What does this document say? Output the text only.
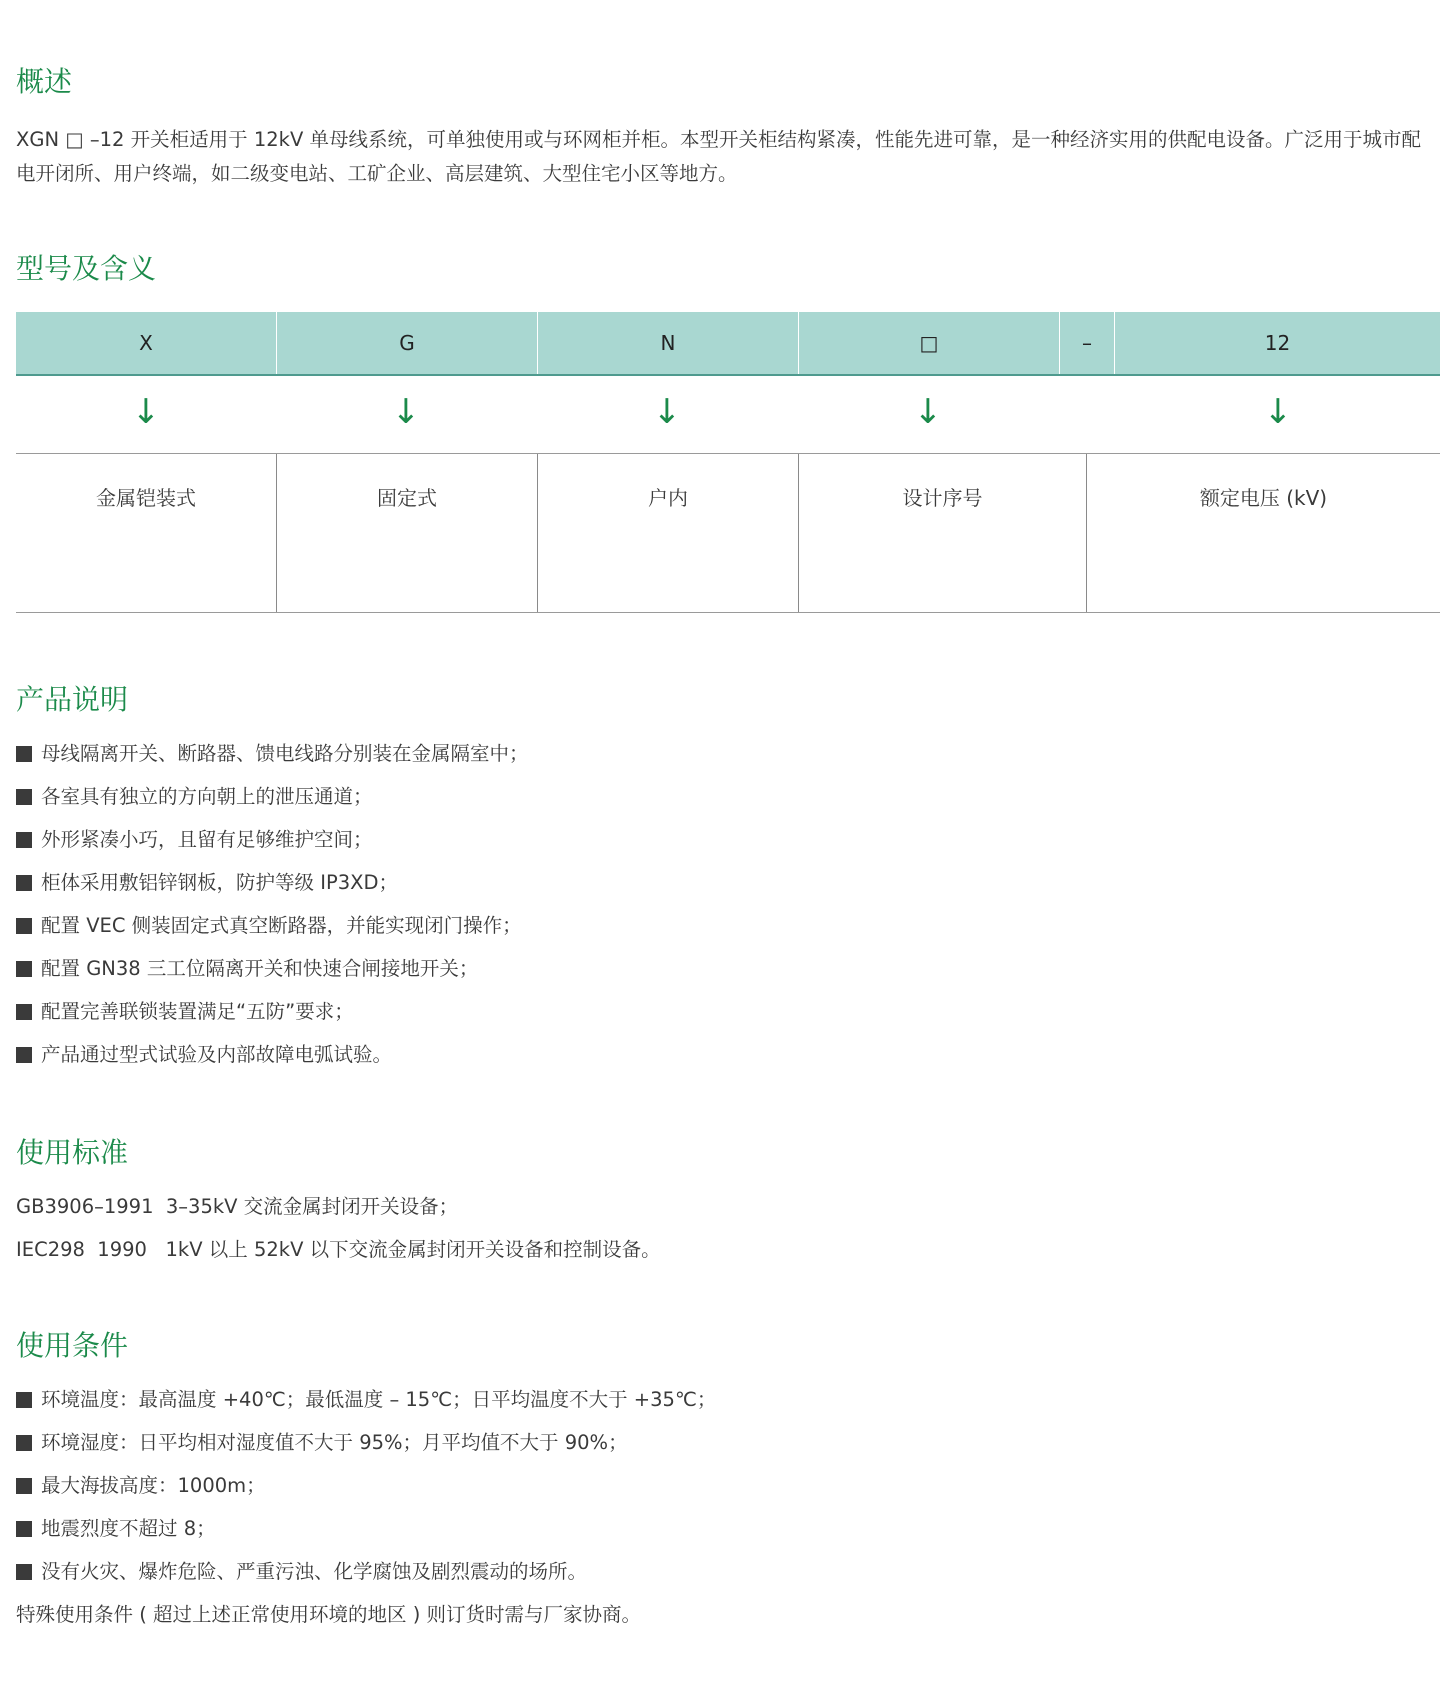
概述

XGN □ –12 开关柜适用于 12kV 单母线系统，可单独使用或与环网柜并柜。本型开关柜结构紧凑，性能先进可靠，是一种经济实用的供配电设备。广泛用于城市配电开闭所、用户终端，如二级变电站、工矿企业、高层建筑、大型住宅小区等地方。

型号及含义
X	G	N	□	–	12
↓	↓	↓	↓	↓
金属铠装式	固定式	户内	设计序号	额定电压 (kV)
产品说明
母线隔离开关、断路器、馈电线路分别装在金属隔室中；
各室具有独立的方向朝上的泄压通道；
外形紧凑小巧，且留有足够维护空间；
柜体采用敷铝锌钢板，防护等级 IP3XD；
配置 VEC 侧装固定式真空断路器，并能实现闭门操作；
配置 GN38 三工位隔离开关和快速合闸接地开关；
配置完善联锁装置满足“五防”要求；
产品通过型式试验及内部故障电弧试验。
使用标准
GB3906–1991  3–35kV 交流金属封闭开关设备；
IEC298  1990   1kV 以上 52kV 以下交流金属封闭开关设备和控制设备。
使用条件
环境温度：最高温度 +40℃；最低温度 – 15℃；日平均温度不大于 +35℃；
环境湿度：日平均相对湿度值不大于 95%；月平均值不大于 90%；
最大海拔高度：1000m；
地震烈度不超过 8；
没有火灾、爆炸危险、严重污浊、化学腐蚀及剧烈震动的场所。
特殊使用条件 ( 超过上述正常使用环境的地区 ) 则订货时需与厂家协商。
